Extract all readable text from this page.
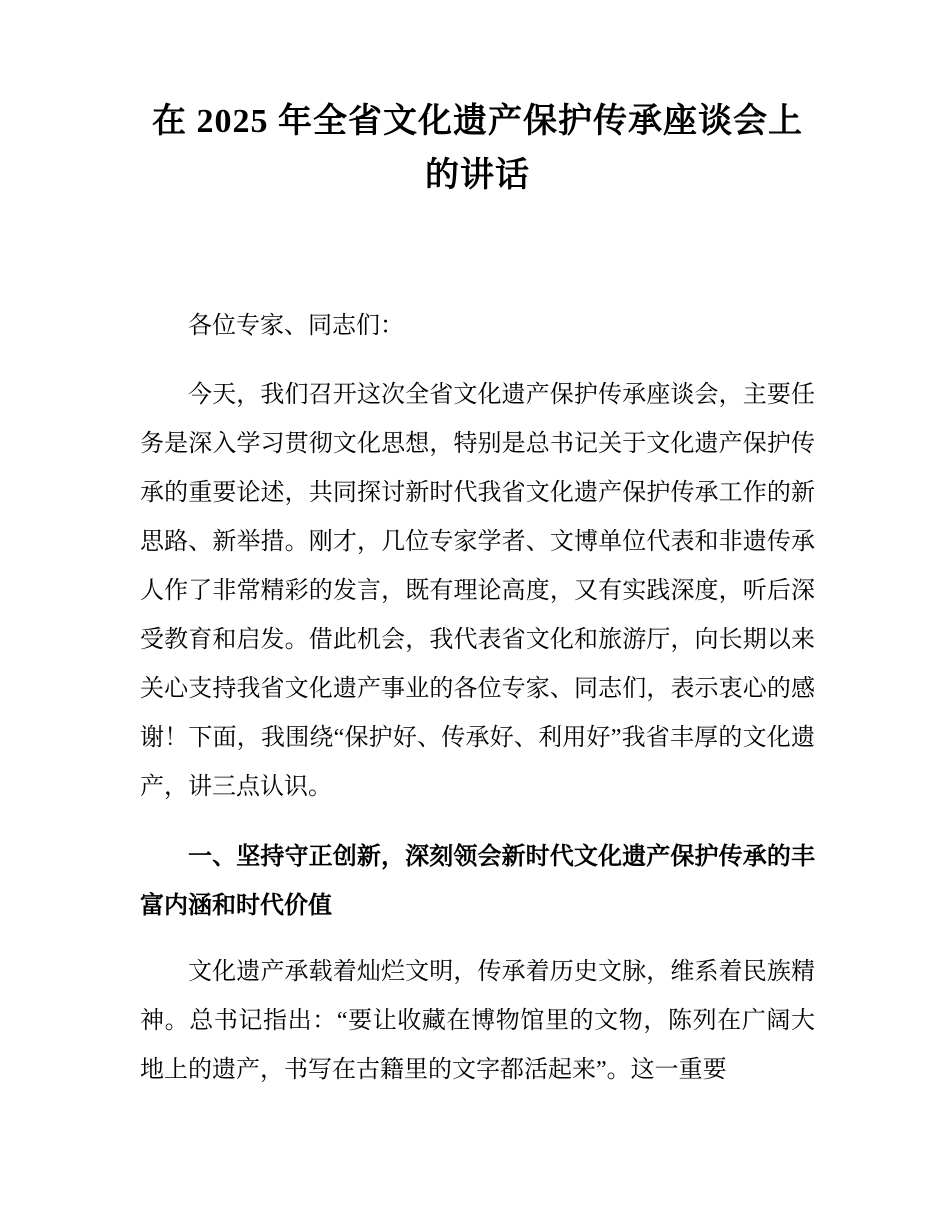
在 2025 年全省文化遗产保护传承座谈会上的讲话

各位专家、同志们：

今天，我们召开这次全省文化遗产保护传承座谈会，主要任务是深入学习贯彻文化思想，特别是总书记关于文化遗产保护传承的重要论述，共同探讨新时代我省文化遗产保护传承工作的新思路、新举措。刚才，几位专家学者、文博单位代表和非遗传承人作了非常精彩的发言，既有理论高度，又有实践深度，听后深受教育和启发。借此机会，我代表省文化和旅游厅，向长期以来关心支持我省文化遗产事业的各位专家、同志们，表示衷心的感谢！下面，我围绕“保护好、传承好、利用好”我省丰厚的文化遗产，讲三点认识。

一、坚持守正创新，深刻领会新时代文化遗产保护传承的丰富内涵和时代价值

文化遗产承载着灿烂文明，传承着历史文脉，维系着民族精神。总书记指出：“要让收藏在博物馆里的文物，陈列在广阔大地上的遗产，书写在古籍里的文字都活起来”。这一重要
